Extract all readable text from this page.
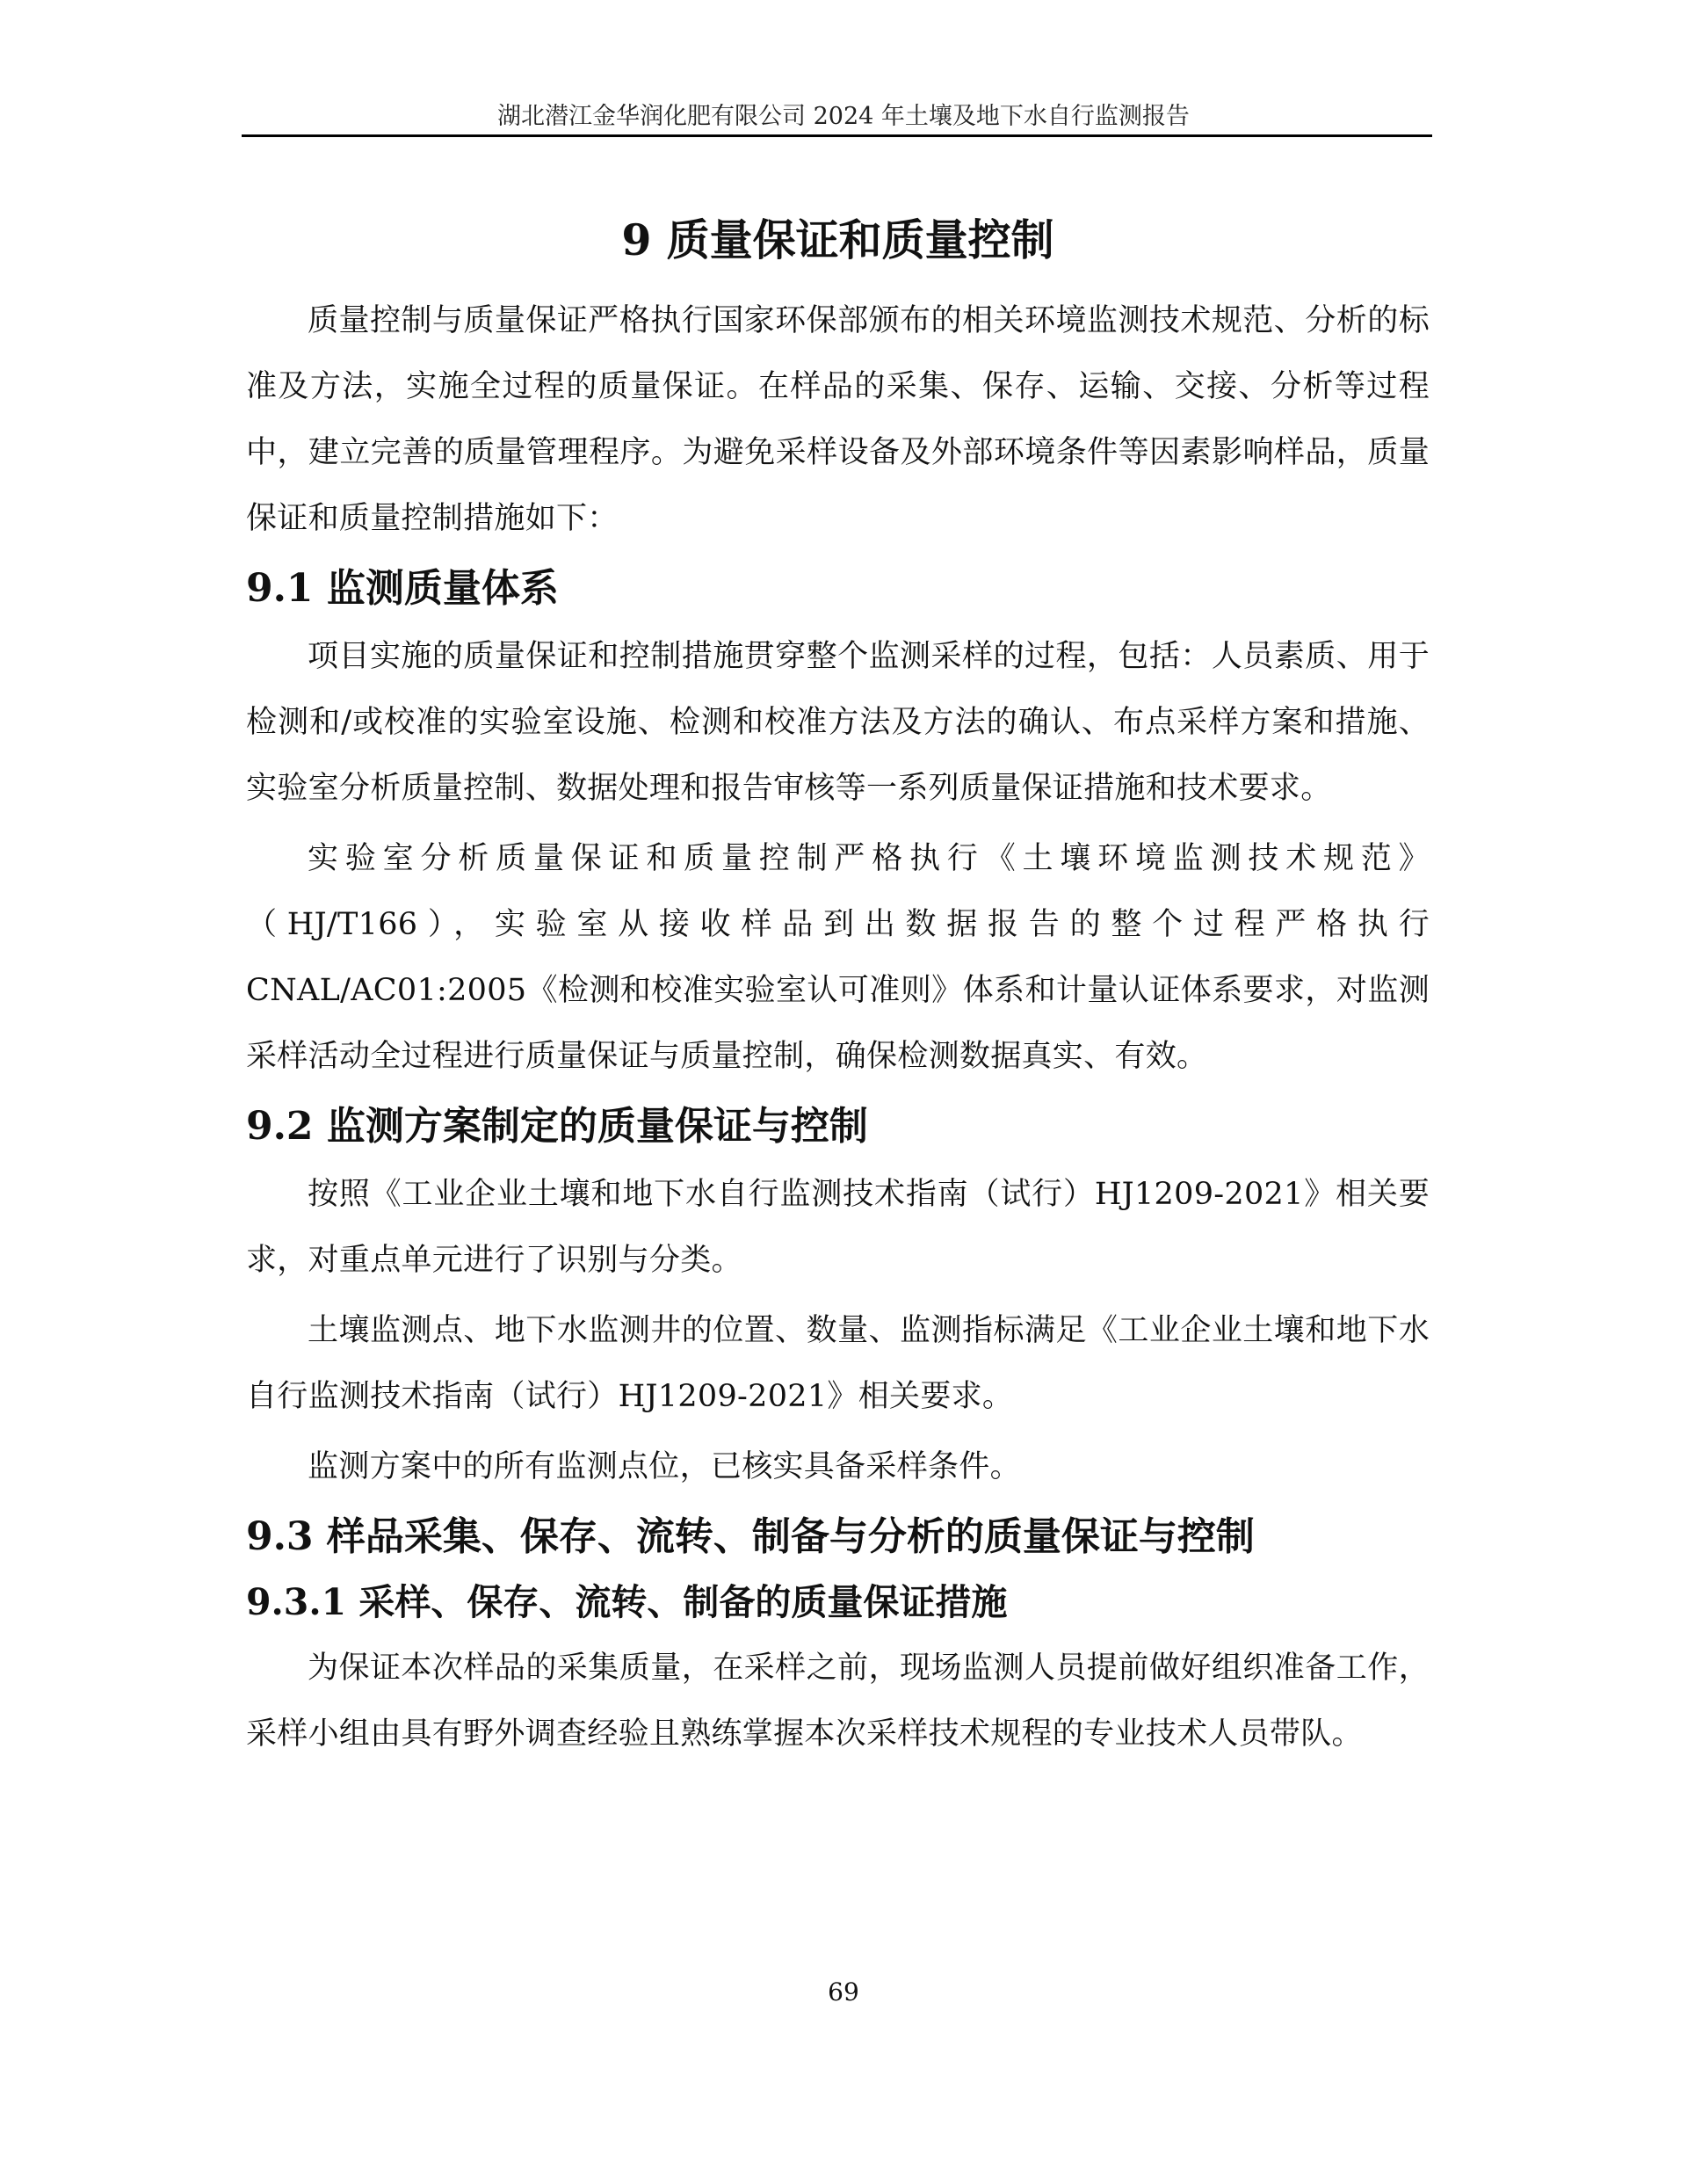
湖北潜江金华润化肥有限公司 2024 年土壤及地下水自行监测报告
9 质量保证和质量控制

质量控制与质量保证严格执行国家环保部颁布的相关环境监测技术规范、分析的标准及方法，实施全过程的质量保证。在样品的采集、保存、运输、交接、分析等过程中，建立完善的质量管理程序。为避免采样设备及外部环境条件等因素影响样品，质量保证和质量控制措施如下：

9.1 监测质量体系

项目实施的质量保证和控制措施贯穿整个监测采样的过程，包括：人员素质、用于检测和/或校准的实验室设施、检测和校准方法及方法的确认、布点采样方案和措施、实验室分析质量控制、数据处理和报告审核等一系列质量保证措施和技术要求。

实验室分析质量保证和质量控制严格执行《土壤环境监测技术规范》（HJ/T166），实验室从接收样品到出数据报告的整个过程严格执行CNAL/AC01:2005《检测和校准实验室认可准则》体系和计量认证体系要求，对监测采样活动全过程进行质量保证与质量控制，确保检测数据真实、有效。

9.2 监测方案制定的质量保证与控制

按照《工业企业土壤和地下水自行监测技术指南（试行）HJ1209-2021》相关要求，对重点单元进行了识别与分类。

土壤监测点、地下水监测井的位置、数量、监测指标满足《工业企业土壤和地下水自行监测技术指南（试行）HJ1209-2021》相关要求。

监测方案中的所有监测点位，已核实具备采样条件。

9.3 样品采集、保存、流转、制备与分析的质量保证与控制
9.3.1 采样、保存、流转、制备的质量保证措施

为保证本次样品的采集质量，在采样之前，现场监测人员提前做好组织准备工作，采样小组由具有野外调查经验且熟练掌握本次采样技术规程的专业技术人员带队。

69
